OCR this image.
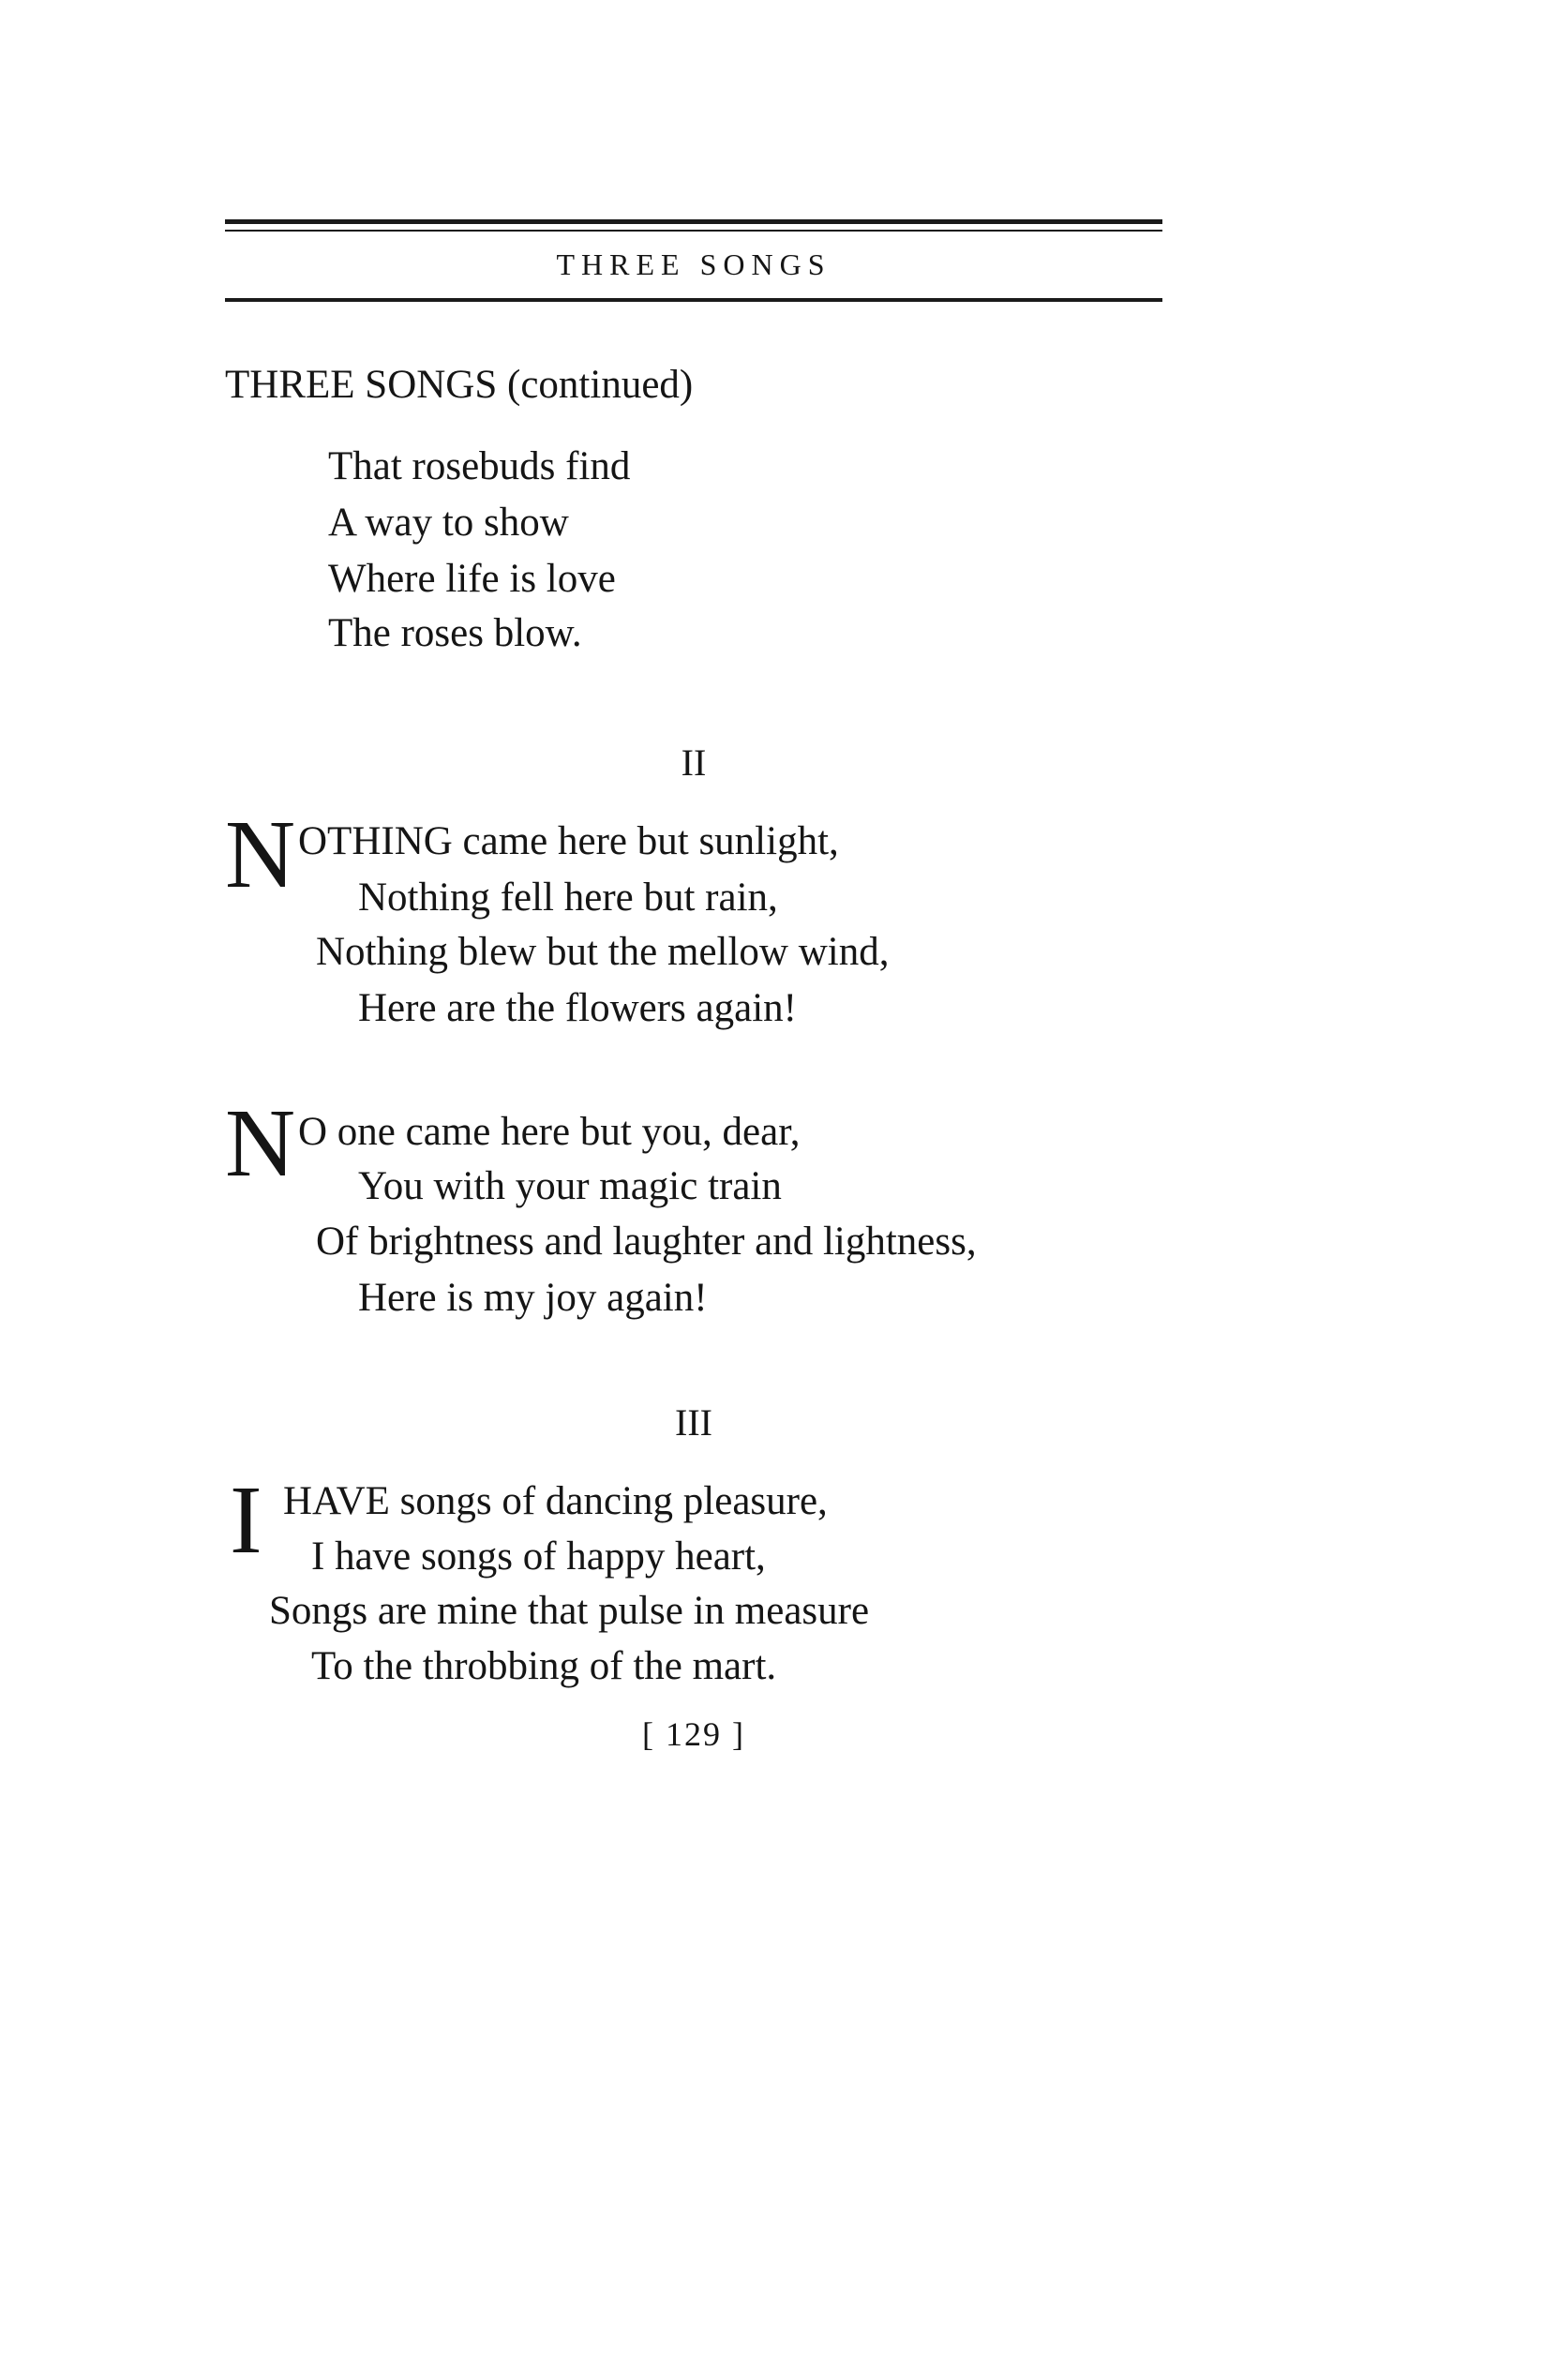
THREE SONGS
THREE SONGS (continued)
That rosebuds find
A way to show
Where life is love
The roses blow.
II
N OTHING came here but sunlight,
Nothing fell here but rain,
Nothing blew but the mellow wind,
Here are the flowers again!
N O one came here but you, dear,
You with your magic train
Of brightness and laughter and lightness,
Here is my joy again!
III
I HAVE songs of dancing pleasure,
I have songs of happy heart,
Songs are mine that pulse in measure
To the throbbing of the mart.
[ 129 ]
